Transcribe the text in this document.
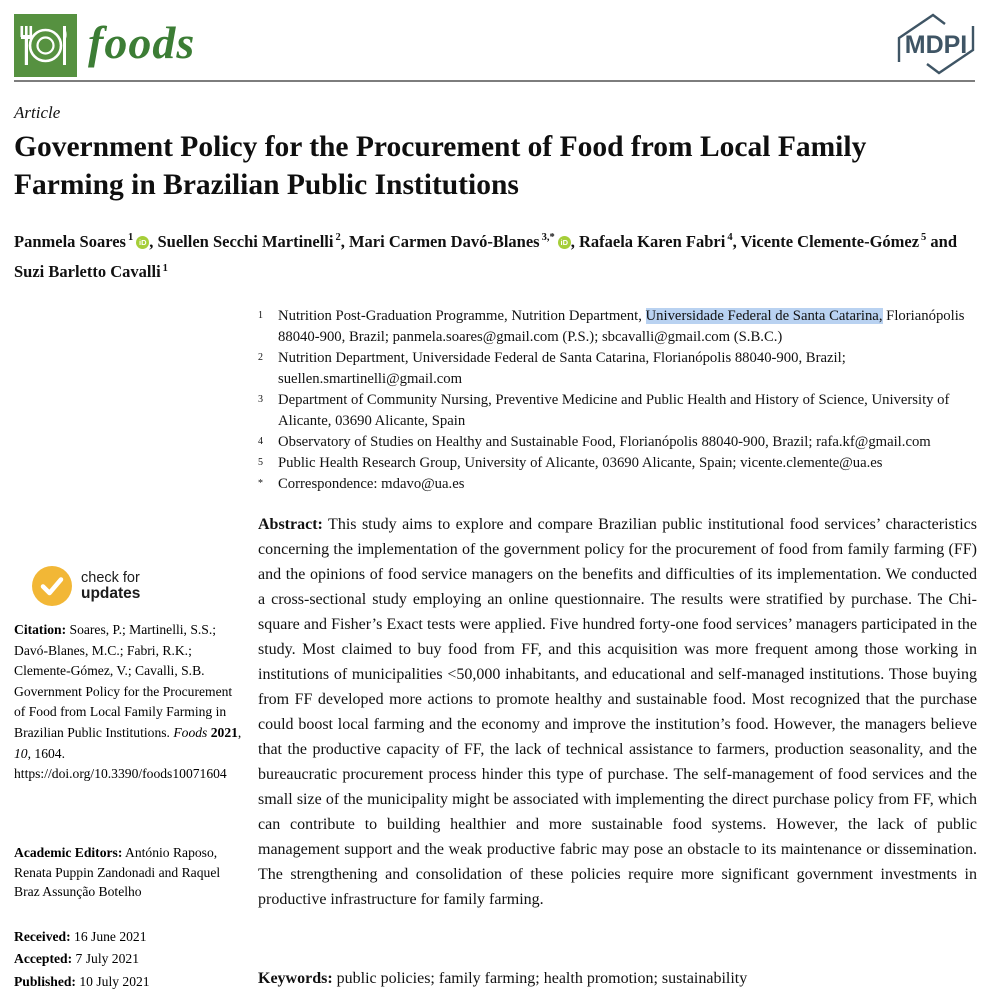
foods	MDPI
Article
Government Policy for the Procurement of Food from Local Family Farming in Brazilian Public Institutions
Panmela Soares $^1$ iD , Suellen Secchi Martinelli $^2$, Mari Carmen Davó-Blanes $^{3,*}$ iD , Rafaela Karen Fabri $^4$, Vicente Clemente-Gómez $^5$ and Suzi Barletto Cavalli $^1$
1	Nutrition Post-Graduation Programme, Nutrition Department, Universidade Federal de Santa Catarina, Florianópolis 88040-900, Brazil; panmela.soares@gmail.com (P.S.); sbcavalli@gmail.com (S.B.C.)
2	Nutrition Department, Universidade Federal de Santa Catarina, Florianópolis 88040-900, Brazil; suellen.smartinelli@gmail.com
3	Department of Community Nursing, Preventive Medicine and Public Health and History of Science, University of Alicante, 03690 Alicante, Spain
4	Observatory of Studies on Healthy and Sustainable Food, Florianópolis 88040-900, Brazil; rafa.kf@gmail.com
5	Public Health Research Group, University of Alicante, 03690 Alicante, Spain; vicente.clemente@ua.es
*	Correspondence: mdavo@ua.es

Abstract: This study aims to explore and compare Brazilian public institutional food services’ characteristics concerning the implementation of the government policy for the procurement of food from family farming (FF) and the opinions of food service managers on the benefits and difficulties of its implementation. We conducted a cross-sectional study employing an online questionnaire. The results were stratified by purchase. The Chi-square and Fisher’s Exact tests were applied. Five hundred forty-one food services’ managers participated in the study. Most claimed to buy food from FF, and this acquisition was more frequent among those working in institutions of municipalities <50,000 inhabitants, and educational and self-managed institutions. Those buying from FF developed more actions to promote healthy and sustainable food. Most recognized that the purchase could boost local farming and the economy and improve the institution’s food. However, the managers believe that the productive capacity of FF, the lack of technical assistance to farmers, production seasonality, and the bureaucratic procurement process hinder this type of purchase. The self-management of food services and the small size of the municipality might be associated with implementing the direct purchase policy from FF, which can contribute to building healthier and more sustainable food systems. However, the lack of public management support and the weak productive fabric may pose an obstacle to its maintenance or dissemination. The strengthening and consolidation of these policies require more significant government investments in productive infrastructure for family farming.

Keywords: public policies; family farming; health promotion; sustainability

check for
updates
Citation: Soares, P.; Martinelli, S.S.; Davó-Blanes, M.C.; Fabri, R.K.; Clemente-Gómez, V.; Cavalli, S.B. Government Policy for the Procurement of Food from Local Family Farming in Brazilian Public Institutions. Foods 2021, 10, 1604. https://doi.org/10.3390/foods10071604
Academic Editors: António Raposo, Renata Puppin Zandonadi and Raquel Braz Assunção Botelho
Received: 16 June 2021
Accepted: 7 July 2021
Published: 10 July 2021
